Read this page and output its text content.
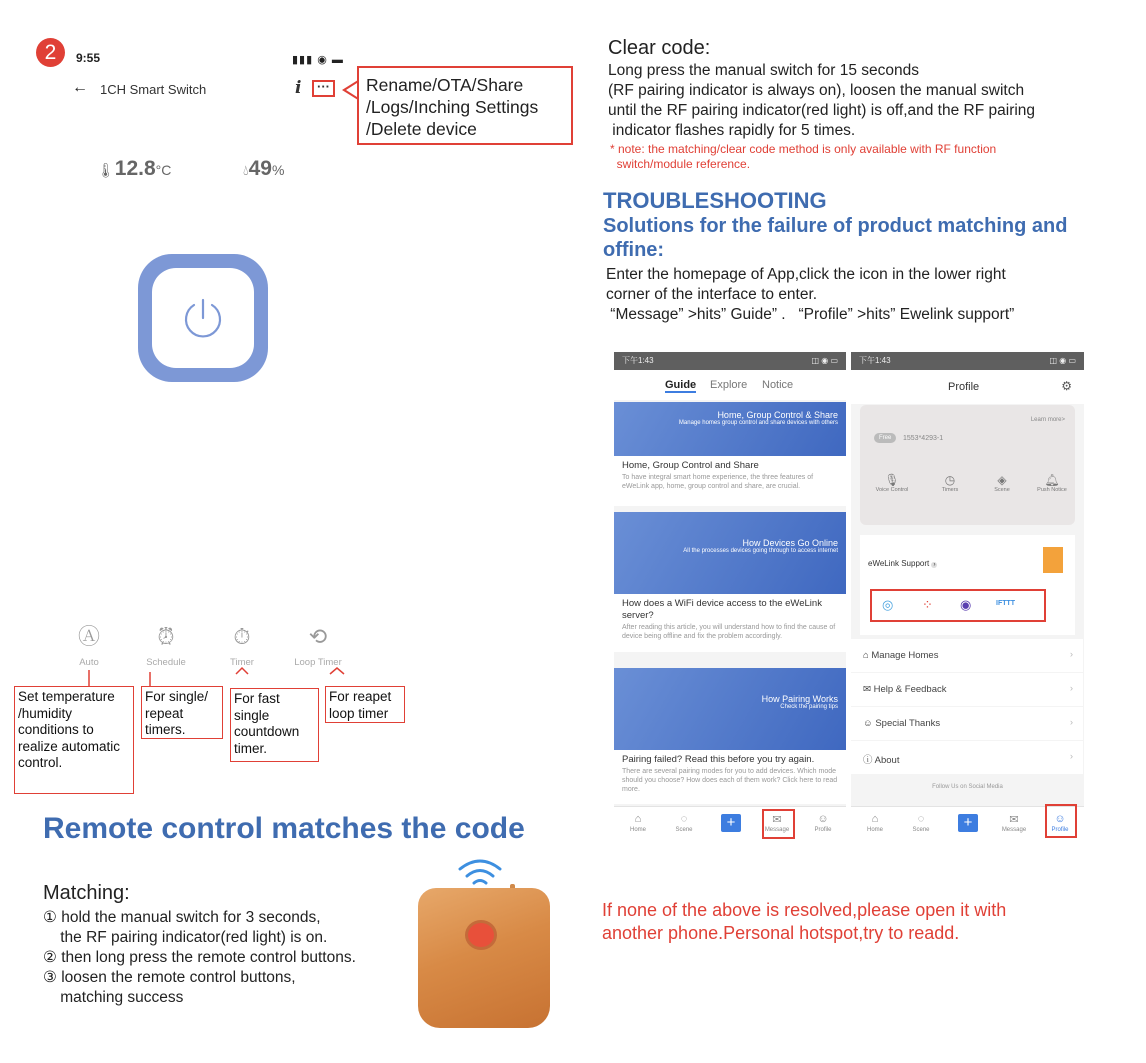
2	9:55	▮▮▮ ◉ ▬
← 1CH Smart Switch	i	···	Rename/OTA/Share /Logs/Inching Settings /Delete device
🌡︎12.8°C	💧︎49%
Ⓐ
Auto
⏰︎
Schedule
⏱︎
Timer
⟲
Loop Timer
Set temperature /humidity conditions to realize automatic control.
For single/ repeat timers.
For fast single countdown timer.
For reapet loop timer
Remote control matches the code
Matching:
① hold the manual switch for 3 seconds,
the RF pairing indicator(red light) is on.
② then long press the remote control buttons.
③ loosen the remote control buttons,
matching success
Clear code:
Long press the manual switch for 15 seconds
(RF pairing indicator is always on), loosen the manual switch
until the RF pairing indicator(red light) is off,and the RF pairing
indicator flashes rapidly for 5 times.
* note: the matching/clear code method is only available with RF function
switch/module reference.
TROUBLESHOOTING
Solutions for the failure of product matching and offine:
Enter the homepage of App,click the icon in the lower right
corner of the interface to enter.
“Message” >hits” Guide” .   “Profile” >hits” Ewelink support”
下午1:43	◫ ◉ ▭
Guide Explore Notice
Home, Group Control & Share
Manage homes group control and share devices with others
Home, Group Control and Share
To have integral smart home experience, the three features of eWeLink app, home, group control and share, are crucial.
How Devices Go Online
All the processes devices going through to access internet
How does a WiFi device access to the eWeLink server?
After reading this article, you will understand how to find the cause of device being offline and fix the problem accordingly.
How Pairing Works
Check the pairing tips
Pairing failed? Read this before you try again.
There are several pairing modes for you to add devices. Which mode should you choose? How does each of them work? Click here to read more.
⌂
Home
◌
Scene	+	✉
Message
☺
Profile
下午1:43	◫ ◉ ▭
Profile	⚙
Learn more>
Free	1553*4293-1
🎙︎
Voice Control
◷
Timers
◈
Scene
🔔︎
Push Notice
eWeLink Support ›
◎ ⁘ ◉	IFTTT
⌂ Manage Homes	›
✉ Help & Feedback	›
☺ Special Thanks	›
ⓘ About	›
Follow Us on Social Media
⌂
Home
◌
Scene	+	✉
Message
☺
Profile
If none of the above is resolved,please open it with
another phone.Personal hotspot,try to readd.
